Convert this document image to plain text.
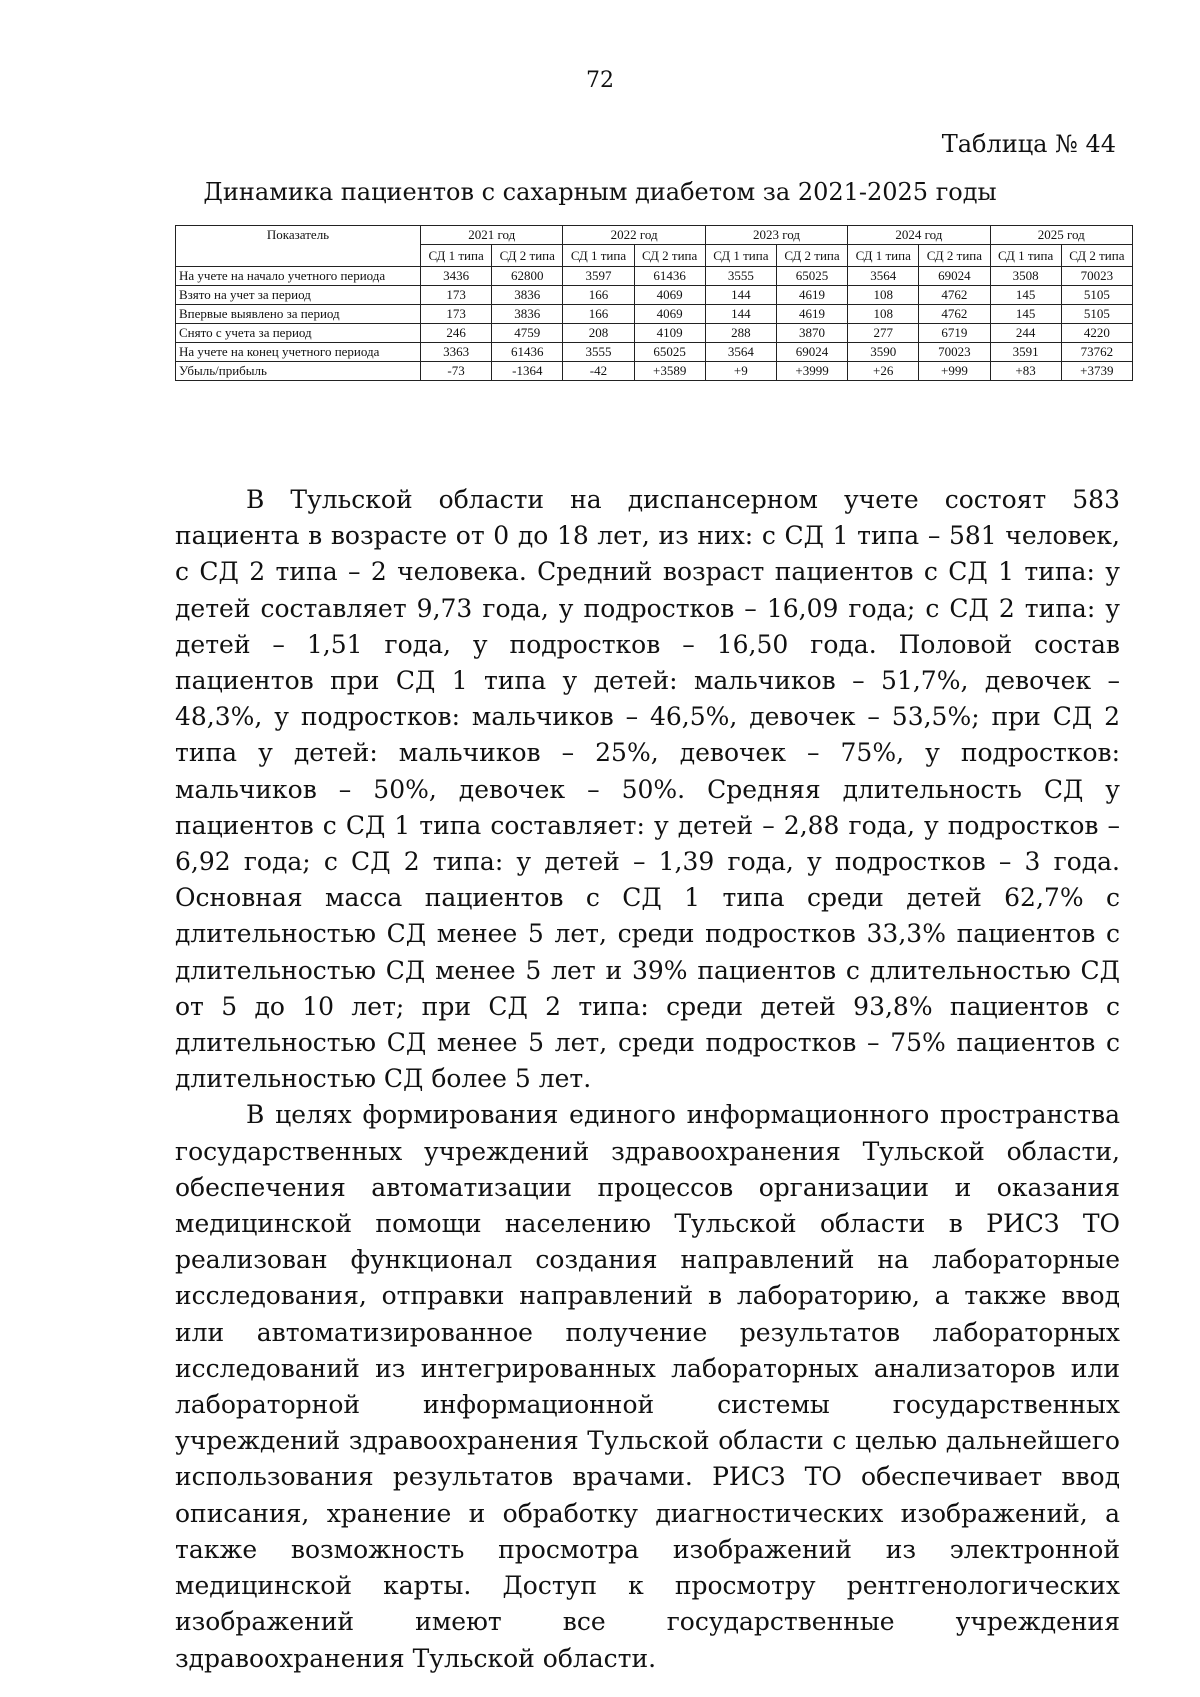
72
Таблица № 44
Динамика пациентов с сахарным диабетом за 2021-2025 годы
Показатель	2021 год		2022 год		2023 год		2024 год		2025 год	
	СД 1 типа	СД 2 типа	СД 1 типа	СД 2 типа	СД 1 типа	СД 2 типа	СД 1 типа	СД 2 типа	СД 1 типа	СД 2 типа
На учете на начало учетного периода	3436	62800	3597	61436	3555	65025	3564	69024	3508	70023
Взято на учет за период	173	3836	166	4069	144	4619	108	4762	145	5105
Впервые выявлено за период	173	3836	166	4069	144	4619	108	4762	145	5105
Снято с учета за период	246	4759	208	4109	288	3870	277	6719	244	4220
На учете на конец учетного периода	3363	61436	3555	65025	3564	69024	3590	70023	3591	73762
Убыль/прибыль	-73	-1364	-42	+3589	+9	+3999	+26	+999	+83	+3739

В Тульской области на диспансерном учете состоят 583 пациента в возрасте от 0 до 18 лет, из них: с СД 1 типа – 581 человек, с СД 2 типа – 2 человека. Средний возраст пациентов с СД 1 типа: у детей составляет 9,73 года, у подростков – 16,09 года; с СД 2 типа: у детей – 1,51 года, у подростков – 16,50 года. Половой состав пациентов при СД 1 типа у детей: мальчиков – 51,7%, девочек – 48,3%, у подростков: мальчиков – 46,5%, девочек – 53,5%; при СД 2 типа у детей: мальчиков – 25%, девочек – 75%, у подростков: мальчиков – 50%, девочек – 50%. Средняя длительность СД у пациентов с СД 1 типа составляет: у детей – 2,88 года, у подростков – 6,92 года; с СД 2 типа: у детей – 1,39 года, у подростков – 3 года. Основная масса пациентов с СД 1 типа среди детей 62,7% с длительностью СД менее 5 лет, среди подростков 33,3% пациентов с длительностью СД менее 5 лет и 39% пациентов с длительностью СД от 5 до 10 лет; при СД 2 типа: среди детей 93,8% пациентов с длительностью СД менее 5 лет, среди подростков – 75% пациентов с длительностью СД более 5 лет.

В целях формирования единого информационного пространства государственных учреждений здравоохранения Тульской области, обеспечения автоматизации процессов организации и оказания медицинской помощи населению Тульской области в РИСЗ ТО реализован функционал создания направлений на лабораторные исследования, отправки направлений в лабораторию, а также ввод или автоматизированное получение результатов лабораторных исследований из интегрированных лабораторных анализаторов или лабораторной информационной системы государственных учреждений здравоохранения Тульской области с целью дальнейшего использования результатов врачами. РИСЗ ТО обеспечивает ввод описания, хранение и обработку диагностических изображений, а также возможность просмотра изображений из электронной медицинской карты. Доступ к просмотру рентгенологических изображений имеют все государственные учреждения здравоохранения Тульской области.
